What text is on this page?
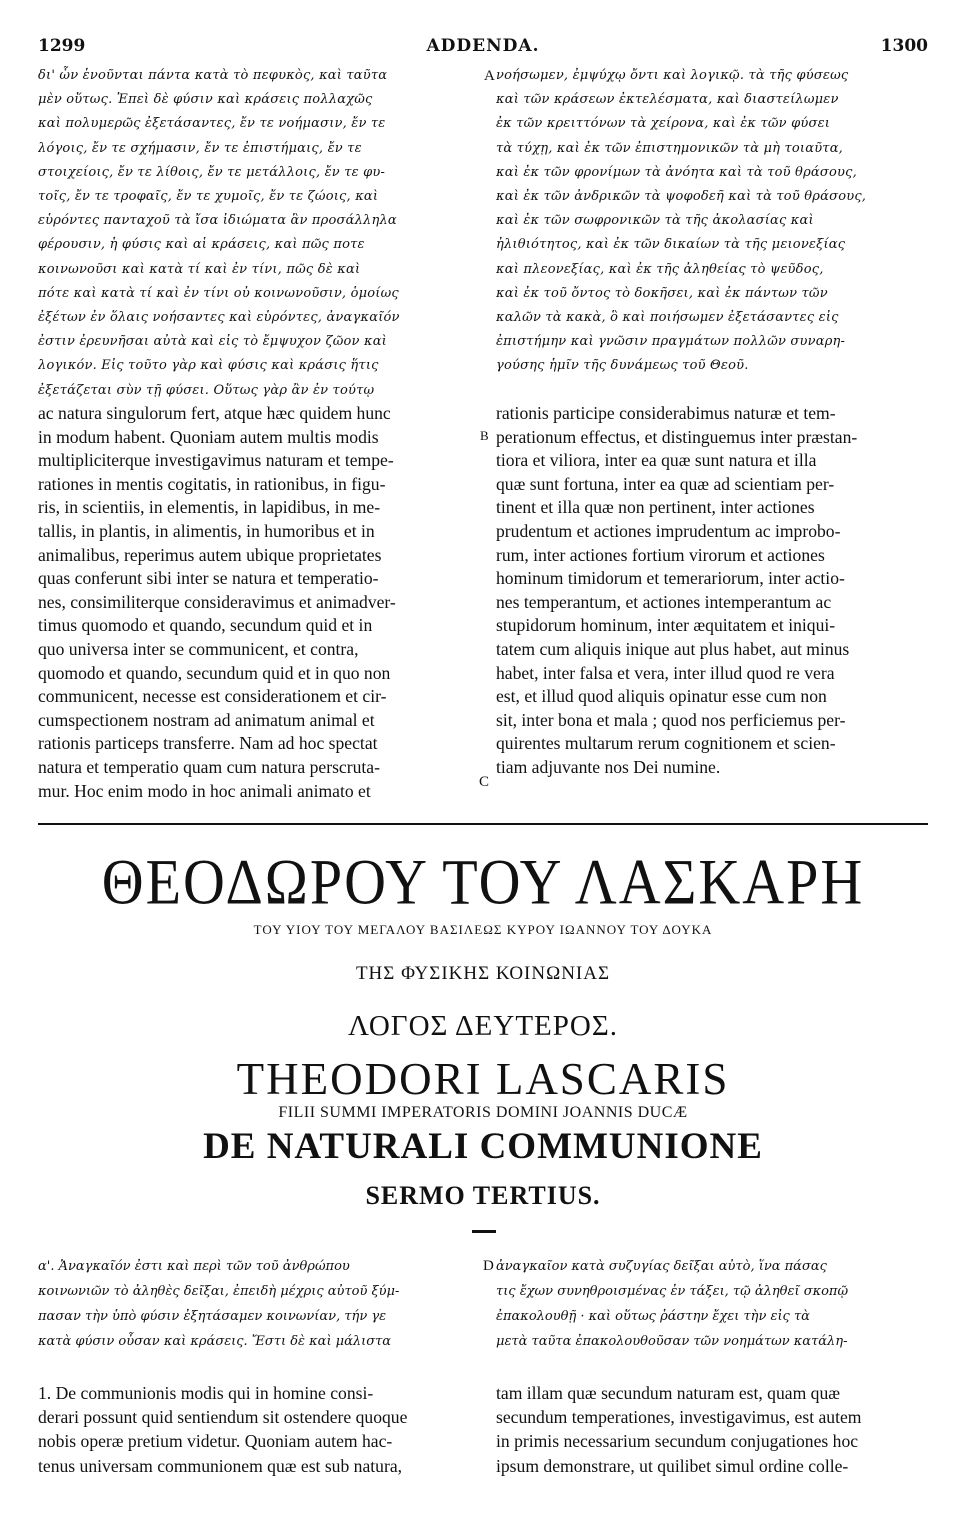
1299	ADDENDA.	1300
δι' ὧν ἑνοῦνται πάντα κατὰ τὸ πεφυκὸς, καὶ ταῦτα
μὲν οὕτως. Ἐπεὶ δὲ φύσιν καὶ κράσεις πολλαχῶς
καὶ πολυμερῶς ἐξετάσαντες, ἔν τε νοήμασιν, ἔν τε
λόγοις, ἔν τε σχήμασιν, ἔν τε ἐπιστήμαις, ἔν τε
στοιχείοις, ἔν τε λίθοις, ἔν τε μετάλλοις, ἔν τε φυ-
τοῖς, ἔν τε τροφαῖς, ἔν τε χυμοῖς, ἔν τε ζώοις, καὶ
εὑρόντες πανταχοῦ τὰ ἴσα ἰδιώματα ἃν προσάλληλα
φέρουσιν, ἡ φύσις καὶ αἱ κράσεις, καὶ πῶς ποτε
κοινωνοῦσι καὶ κατὰ τί καὶ ἐν τίνι, πῶς δὲ καὶ
πότε καὶ κατὰ τί καὶ ἐν τίνι οὐ κοινωνοῦσιν, ὁμοίως
ἐξέτων ἐν ὅλαις νοήσαντες καὶ εὑρόντες, ἀναγκαῖόν
ἐστιν ἐρευνῆσαι αὐτὰ καὶ εἰς τὸ ἔμψυχον ζῶον καὶ
λογικόν. Εἰς τοῦτο γὰρ καὶ φύσις καὶ κράσις ἥτις
ἐξετάζεται σὺν τῇ φύσει. Οὕτως γὰρ ἂν ἐν τούτῳ
νοήσωμεν, ἐμψύχῳ ὄντι καὶ λογικῷ. τὰ τῆς φύσεως
καὶ τῶν κράσεων ἐκτελέσματα, καὶ διαστείλωμεν
ἐκ τῶν κρειττόνων τὰ χείρονα, καὶ ἐκ τῶν φύσει
τὰ τύχῃ, καὶ ἐκ τῶν ἐπιστημονικῶν τὰ μὴ τοιαῦτα,
καὶ ἐκ τῶν φρονίμων τὰ ἀνόητα καὶ τὰ τοῦ θράσους,
καὶ ἐκ τῶν ἀνδρικῶν τὰ ψοφοδεῆ καὶ τὰ τοῦ θράσους,
καὶ ἐκ τῶν σωφρονικῶν τὰ τῆς ἀκολασίας καὶ
ἠλιθιότητος, καὶ ἐκ τῶν δικαίων τὰ τῆς μειονεξίας
καὶ πλεονεξίας, καὶ ἐκ τῆς ἀληθείας τὸ ψεῦδος,
καὶ ἐκ τοῦ ὄντος τὸ δοκῆσει, καὶ ἐκ πάντων τῶν
καλῶν τὰ κακὰ, ὃ καὶ ποιήσωμεν ἐξετάσαντες εἰς
ἐπιστήμην καὶ γνῶσιν πραγμάτων πολλῶν συναρη-
γούσης ἡμῖν τῆς δυνάμεως τοῦ Θεοῦ.
A
ac natura singulorum fert, atque hæc quidem hunc
in modum habent. Quoniam autem multis modis
multipliciterque investigavimus naturam et tempe-
rationes in mentis cogitatis, in rationibus, in figu-
ris, in scientiis, in elementis, in lapidibus, in me-
tallis, in plantis, in alimentis, in humoribus et in
animalibus, reperimus autem ubique proprietates
quas conferunt sibi inter se natura et temperatio-
nes, consimiliterque consideravimus et animadver-
timus quomodo et quando, secundum quid et in
quo universa inter se communicent, et contra,
quomodo et quando, secundum quid et in quo non
communicent, necesse est considerationem et cir-
cumspectionem nostram ad animatum animal et
rationis particeps transferre. Nam ad hoc spectat
natura et temperatio quam cum natura perscruta-
mur. Hoc enim modo in hoc animali animato et
rationis participe considerabimus naturæ et tem-
perationum effectus, et distinguemus inter præstan-
tiora et viliora, inter ea quæ sunt natura et illa
quæ sunt fortuna, inter ea quæ ad scientiam per-
tinent et illa quæ non pertinent, inter actiones
prudentum et actiones imprudentum ac improbo-
rum, inter actiones fortium virorum et actiones
hominum timidorum et temerariorum, inter actio-
nes temperantum, et actiones intemperantum ac
stupidorum hominum, inter æquitatem et iniqui-
tatem cum aliquis inique aut plus habet, aut minus
habet, inter falsa et vera, inter illud quod re vera
est, et illud quod aliquis opinatur esse cum non
sit, inter bona et mala ; quod nos perficiemus per-
quirentes multarum rerum cognitionem et scien-
tiam adjuvante nos Dei numine.
B
C
ΘΕΟΔΩΡΟΥ ΤΟΥ ΛΑΣΚΑΡΗ
ΤΟΥ ΥΙΟΥ ΤΟΥ ΜΕΓΑΛΟΥ ΒΑΣΙΛΕΩΣ ΚΥΡΟΥ ΙΩΑΝΝΟΥ ΤΟΥ ΔΟΥΚΑ
ΤΗΣ ΦΥΣΙΚΗΣ ΚΟΙΝΩΝΙΑΣ
ΛΟΓΟΣ ΔΕΥΤΕΡΟΣ.
THEODORI LASCARIS
FILII SUMMI IMPERATORIS DOMINI JOANNIS DUCÆ
DE NATURALI COMMUNIONE
SERMO TERTIUS.
α'. Ἀναγκαῖόν ἐστι καὶ περὶ τῶν τοῦ ἀνθρώπου
κοινωνιῶν τὸ ἀληθὲς δεῖξαι, ἐπειδὴ μέχρις αὐτοῦ ξύμ-
πασαν τὴν ὑπὸ φύσιν ἐξητάσαμεν κοινωνίαν, τήν γε
κατὰ φύσιν οὖσαν καὶ κράσεις. Ἔστι δὲ καὶ μάλιστα
ἀναγκαῖον κατὰ συζυγίας δεῖξαι αὐτὸ, ἵνα πάσας
τις ἔχων συνηθροισμένας ἐν τάξει, τῷ ἀληθεῖ σκοπῷ
ἐπακολουθῇ · καὶ οὕτως ῥάστην ἔχει τὴν εἰς τὰ
μετὰ ταῦτα ἐπακολουθοῦσαν τῶν νοημάτων κατάλη-
D
1. De communionis modis qui in homine consi-
derari possunt quid sentiendum sit ostendere quoque
nobis operæ pretium videtur. Quoniam autem hac-
tenus universam communionem quæ est sub natura,
tam illam quæ secundum naturam est, quam quæ
secundum temperationes, investigavimus, est autem
in primis necessarium secundum conjugationes hoc
ipsum demonstrare, ut quilibet simul ordine colle-
